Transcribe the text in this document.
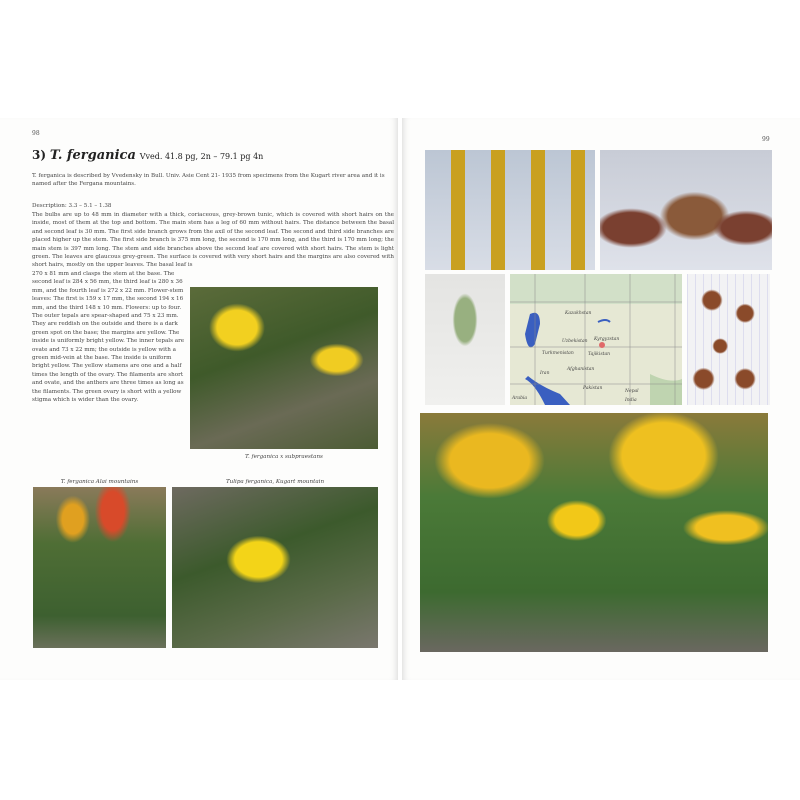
98
3) T. ferganica Vved. 41.8 pg, 2n – 79.1 pg 4n
T. ferganica is described by Vvedensky in Bull. Univ. Asie Cent 21- 1935 from specimens from the Kugart river area and it is named after the Fergana mountains.
Description: 3.3 – 5.1 – 1.38
The bulbs are up to 48 mm in diameter with a thick, coriaceous, grey-brown tunic, which is covered with short hairs on the inside, most of them at the top and bottom. The main stem has a leg of 60 mm without hairs. The distance between the basal and second leaf is 30 mm. The first side branch grows from the axil of the second leaf. The second and third side branches are placed higher up the stem. The first side branch is 375 mm long, the second is 170 mm long, and the third is 170 mm long; the main stem is 397 mm long. The stem and side branches above the second leaf are covered with short hairs. The stem is light green. The leaves are glaucous grey-green. The surface is covered with very short hairs and the margins are also covered with short hairs, mostly on the upper leaves. The basal leaf is
270 x 81 mm and clasps the stem at the base. The second leaf is 284 x 56 mm, the third leaf is 280 x 36 mm, and the fourth leaf is 272 x 22 mm. Flower-stem leaves: The first is 159 x 17 mm, the second 194 x 16 mm, and the third 148 x 10 mm. Flowers: up to four. The outer tepals are spear-shaped and 75 x 23 mm. They are reddish on the outside and there is a dark green spot on the base; the margins are yellow. The inside is uniformly bright yellow. The inner tepals are ovate and 73 x 22 mm; the outside is yellow with a green mid-vein at the base. The inside is uniform bright yellow. The yellow stamens are one and a half times the length of the ovary. The filaments are short and ovate, and the anthers are three times as long as the filaments. The green ovary is short with a yellow stigma which is wider than the ovary.
T. ferganica x subpraestans
T. ferganica Alai mountains	Tulipa ferganica, Kugart mountain
99
Kazakhstan
Uzbekistan Kyrgyzstan
Turkmenistan	Tajikistan
Iran
Afghanistan
Pakistan
Nepal
India
Arabia
